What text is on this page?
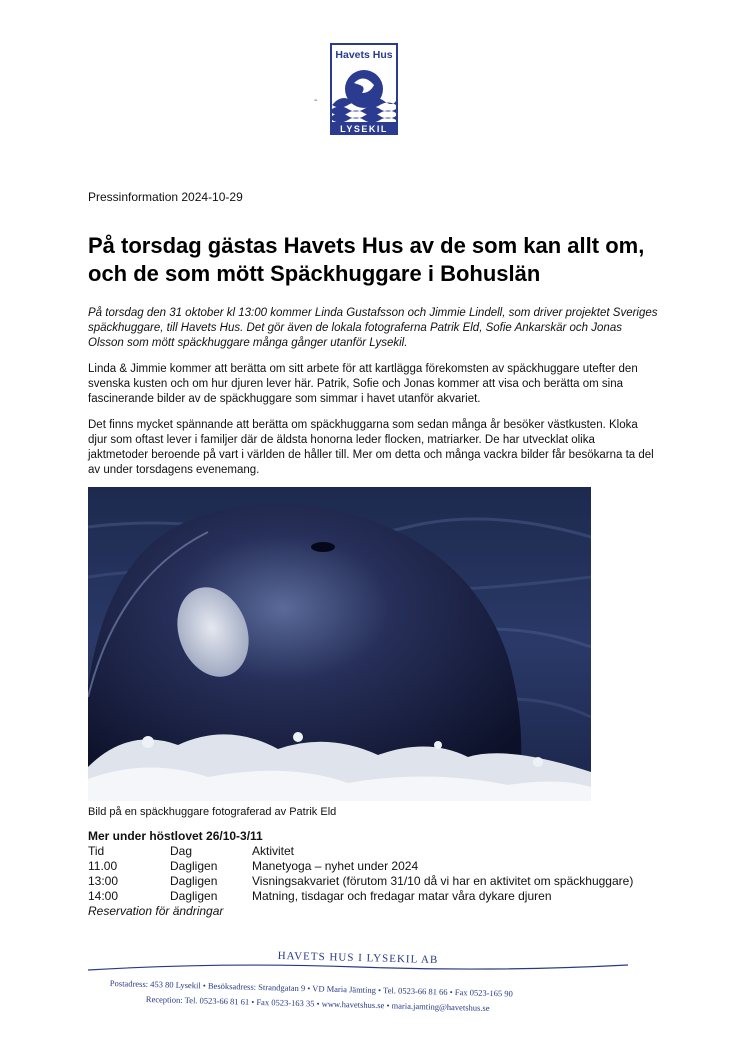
Havets Hus
LYSEKIL
-
Pressinformation 2024-10-29
På torsdag gästas Havets Hus av de som kan allt om, och de som mött Späckhuggare i Bohuslän

På torsdag den 31 oktober kl 13:00 kommer Linda Gustafsson och Jimmie Lindell, som driver projektet Sveriges späckhuggare, till Havets Hus. Det gör även de lokala fotograferna Patrik Eld, Sofie Ankarskär och Jonas Olsson som mött späckhuggare många gånger utanför Lysekil.

Linda & Jimmie kommer att berätta om sitt arbete för att kartlägga förekomsten av späckhuggare utefter den svenska kusten och om hur djuren lever här. Patrik, Sofie och Jonas kommer att visa och berätta om sina fascinerande bilder av de späckhuggare som simmar i havet utanför akvariet.

Det finns mycket spännande att berätta om späckhuggarna som sedan många år besöker västkusten. Kloka djur som oftast lever i familjer där de äldsta honorna leder flocken, matriarker. De har utvecklat olika jaktmetoder beroende på vart i världen de håller till. Mer om detta och många vackra bilder får besökarna ta del av under torsdagens evenemang.

Bild på en späckhuggare fotograferad av Patrik Eld
Mer under höstlovet 26/10-3/11
Tid	Dag	Aktivitet
11.00	Dagligen	Manetyoga – nyhet under 2024
13:00	Dagligen	Visningsakvariet (förutom 31/10 då vi har en aktivitet om späckhuggare)
14:00	Dagligen	Matning, tisdagar och fredagar matar våra dykare djuren
Reservation för ändringar
HAVETS HUS I LYSEKIL AB
Postadress: 453 80 Lysekil • Besöksadress: Strandgatan 9 • VD Maria Jämting • Tel. 0523-66 81 66 • Fax 0523-165 90
Reception: Tel. 0523-66 81 61 • Fax 0523-163 35 • www.havetshus.se • maria.jamting@havetshus.se
